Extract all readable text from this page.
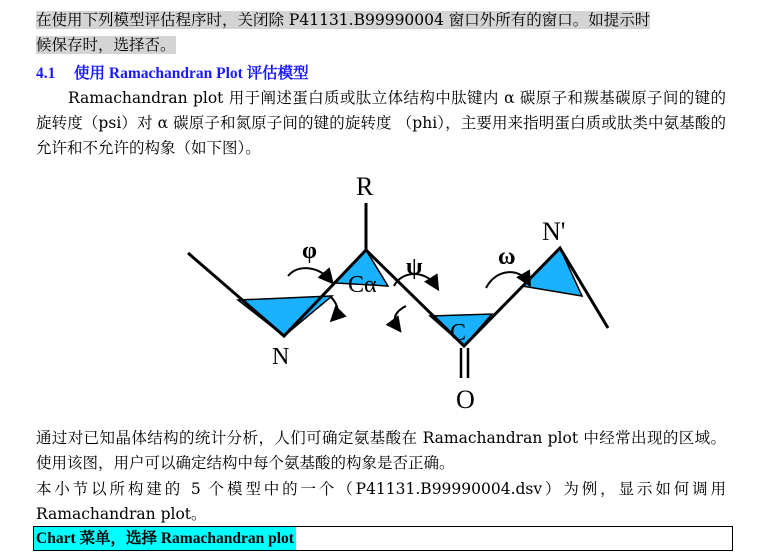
在使用下列模型评估程序时，关闭除 P41131.B99990004 窗口外所有的窗口。如提示时
候保存时，选择否。
4.1 使用 Ramachandran Plot 评估模型

Ramachandran plot 用于阐述蛋白质或肽立体结构中肽键内 α 碳原子和羰基碳原子间的键的旋转度（psi）对 α 碳原子和氮原子间的键的旋转度 （phi），主要用来指明蛋白质或肽类中氨基酸的允许和不允许的构象（如下图）。

R
Cα
N
C
O
N'
φ
ψ	ω

通过对已知晶体结构的统计分析，人们可确定氨基酸在 Ramachandran plot 中经常出现的区域。使用该图，用户可以确定结构中每个氨基酸的构象是否正确。

本小节以所构建的 5 个模型中的一个（P41131.B99990004.dsv）为例，显示如何调用 Ramachandran plot。

Chart 菜单，选择 Ramachandran plot
